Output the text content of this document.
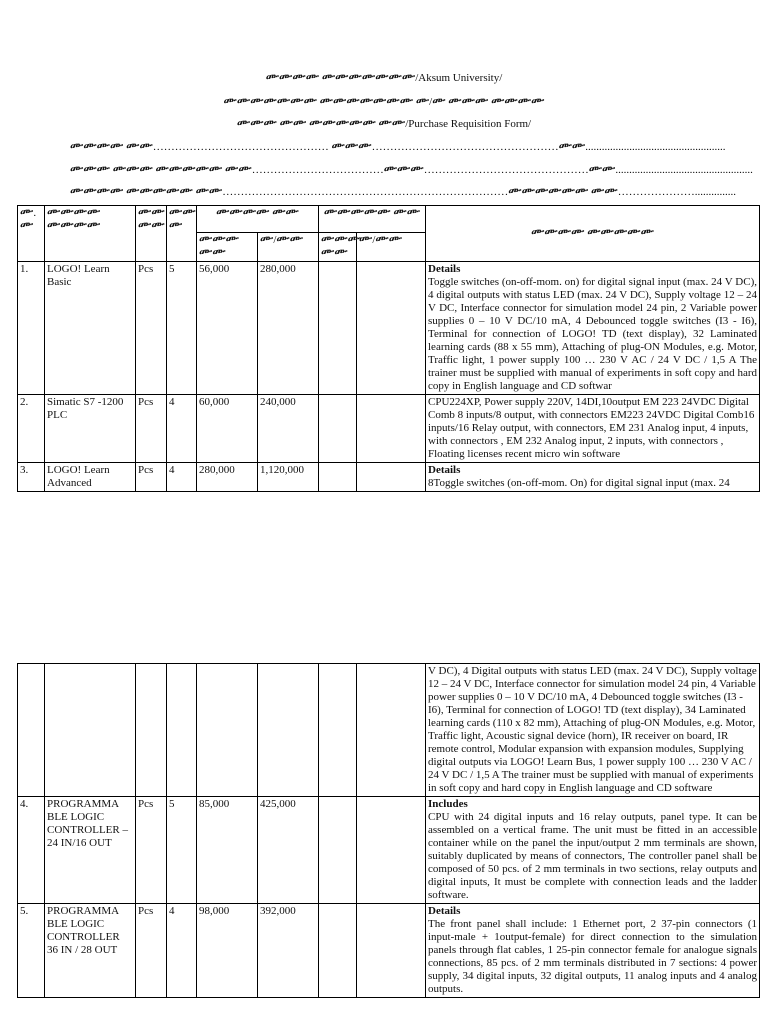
ᎀᎀᎀᎀ ᎀᎀᎀᎀᎀᎀᎀ/Aksum University/
ᎀᎀᎀᎀᎀᎀᎀ ᎀᎀᎀᎀᎀᎀᎀ ᎀ/ᎀ ᎀᎀᎀ ᎀᎀᎀᎀ
ᎀᎀᎀ ᎀᎀ ᎀᎀᎀᎀᎀ ᎀᎀ/Purchase Requisition Form/
ᎀᎀᎀᎀ ᎀᎀ………………………………………… ᎀᎀᎀ……………………………………………ᎀᎀ...................................................
ᎀᎀᎀ ᎀᎀᎀ ᎀᎀᎀᎀᎀ ᎀᎀ………………………………ᎀᎀᎀ………………………………………ᎀᎀ..................................................
ᎀᎀᎀᎀ ᎀᎀᎀᎀᎀ ᎀᎀ……………………………………………………………………ᎀᎀᎀᎀᎀᎀ ᎀᎀ…………………...............
ᎀ. ᎀ	ᎀᎀᎀᎀ ᎀᎀᎀᎀ	ᎀᎀ ᎀᎀ	ᎀᎀ ᎀ	ᎀᎀᎀᎀ ᎀᎀ		ᎀᎀᎀᎀᎀ ᎀᎀ		ᎀᎀᎀᎀ ᎀᎀᎀᎀᎀ
				ᎀᎀᎀ ᎀᎀ	ᎀ/ᎀᎀ	ᎀᎀᎀ ᎀᎀ	ᎀ/ᎀᎀ	
1.	LOGO! Learn Basic	Pcs	5	56,000	280,000			Details
Toggle switches (on-off-mom. on) for digital signal input (max. 24 V DC), 4 digital outputs with status LED (max. 24 V DC), Supply voltage 12 – 24 V DC, Interface connector for simulation model 24 pin, 2 Variable power supplies 0 – 10 V DC/10 mA, 4 Debounced toggle switches (I3 - I6), Terminal for connection of LOGO! TD (text display), 32 Laminated learning cards (88 x 55 mm), Attaching of plug-ON Modules, e.g. Motor, Traffic light, 1 power supply 100 … 230 V AC / 24 V DC / 1,5 A The trainer must be supplied with manual of experiments in soft copy and hard copy in English language and CD softwar
2.	Simatic S7 -1200 PLC	Pcs	4	60,000	240,000			CPU224XP, Power supply 220V, 14DI,10output EM 223 24VDC Digital Comb 8 inputs/8 output, with connectors EM223 24VDC Digital Comb16 inputs/16 Relay output, with connectors, EM 231 Analog input, 4 inputs, with connectors , EM 232 Analog input, 2 inputs, with connectors , Floating licenses recent micro win software
3.	LOGO! Learn Advanced	Pcs	4	280,000	1,120,000			Details
8Toggle switches (on-off-mom. On) for digital signal input (max. 24
								V DC), 4 Digital outputs with status LED (max. 24 V DC), Supply voltage 12 – 24 V DC, Interface connector for simulation model 24 pin, 4 Variable power supplies 0 – 10 V DC/10 mA, 4 Debounced toggle switches (I3 - I6), Terminal for connection of LOGO! TD (text display), 34 Laminated learning cards (110 x 82 mm), Attaching of plug-ON Modules, e.g. Motor, Traffic light, Acoustic signal device (horn), IR receiver on board, IR remote control, Modular expansion with expansion modules, Supplying digital outputs via LOGO! Learn Bus, 1 power supply 100 … 230 V AC / 24 V DC / 1,5 A The trainer must be supplied with manual of experiments in soft copy and hard copy in English language and CD software
4.	PROGRAMMA BLE LOGIC CONTROLLER – 24 IN/16 OUT	Pcs	5	85,000	425,000			Includes
CPU with 24 digital inputs and 16 relay outputs, panel type. It can be assembled on a vertical frame. The unit must be fitted in an accessible container while on the panel the input/output 2 mm terminals are shown, suitably duplicated by means of connectors, The controller panel shall be composed of 50 pcs. of 2 mm terminals in two sections, relay outputs and digital inputs, It must be complete with connection leads and the ladder software.
5.	PROGRAMMA BLE LOGIC CONTROLLER 36 IN / 28 OUT	Pcs	4	98,000	392,000			Details
The front panel shall include: 1 Ethernet port, 2 37-pin connectors (1 input-male + 1output-female) for direct connection to the simulation panels through flat cables, 1 25-pin connector female for analogue signals connections, 85 pcs. of 2 mm terminals distributed in 7 sections: 4 power supply, 34 digital inputs, 32 digital outputs, 11 analog inputs and 4 analog outputs.
